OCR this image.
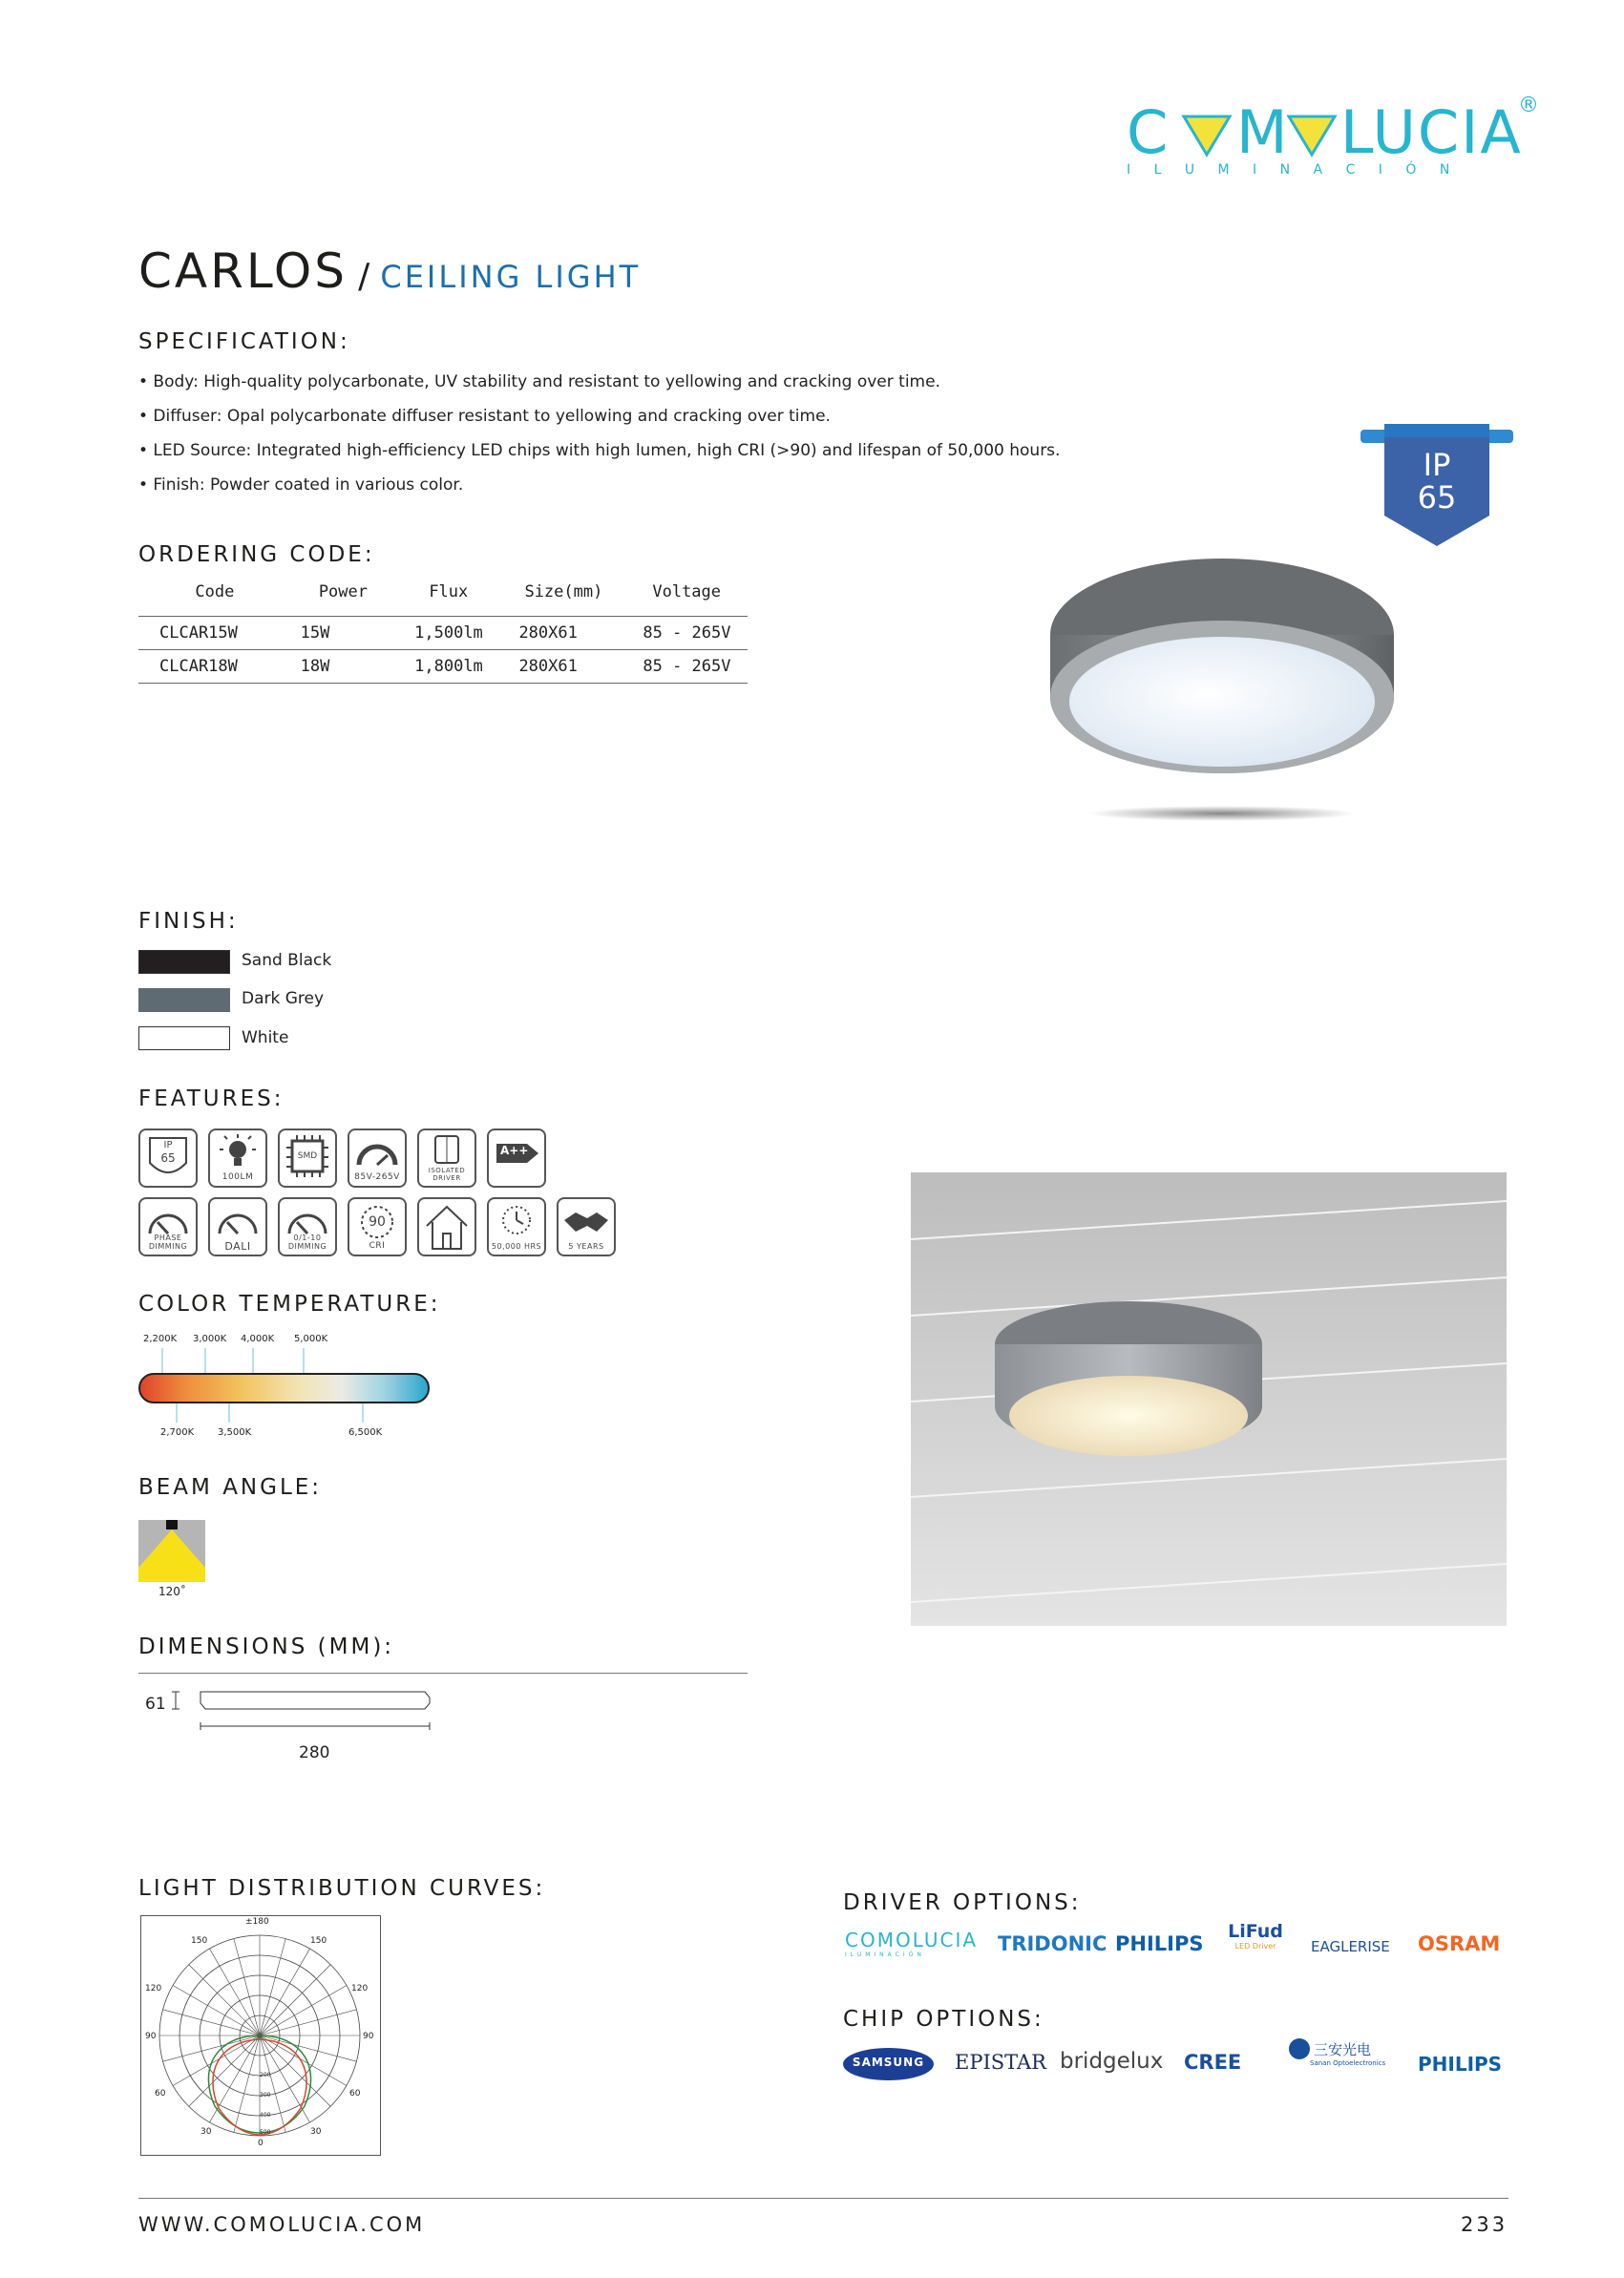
C M LUCIA
®
I L U M I N A C I Ó N
CARLOS / CEILING LIGHT
SPECIFICATION:
• Body: High-quality polycarbonate, UV stability and resistant to yellowing and cracking over time.
• Diffuser: Opal polycarbonate diffuser resistant to yellowing and cracking over time.
• LED Source: Integrated high-efficiency LED chips with high lumen, high CRI (>90) and lifespan of 50,000 hours.
• Finish: Powder coated in various color.
IP
65
ORDERING CODE:
Code	Power	Flux	Size(mm)	Voltage
CLCAR15W	15W	1,500lm	280X61	85 - 265V
CLCAR18W	18W	1,800lm	280X61	85 - 265V
FINISH:
Sand Black
Dark Grey
White
FEATURES:
IP
65
100LM
SMD
85V-265V
ISOLATED DRIVER
A++
PHASE DIMMING	DALI
0/1-10 DIMMING
90
CRI	50,000 HRS	5 YEARS
COLOR TEMPERATURE:
2,200K 3,000K 4,000K 5,000K
2,700K 3,500K	6,500K
BEAM ANGLE:
120˚
DIMENSIONS (MM):
61
280
LIGHT DISTRIBUTION CURVES:
±180
150	150
120	120
90	90
60	60
30	30
0
200
300
400
500
DRIVER OPTIONS:
COMOLUCIA
ILUMINACIÓN	TRIDONIC PHILIPS
LiFud
LED Driver	EAGLERISE OSRAM
CHIP OPTIONS:
SAMSUNG EPISTAR bridgelux CREE
三安光电
Sanan Optoelectronics	PHILIPS
WWW.COMOLUCIA.COM	233
